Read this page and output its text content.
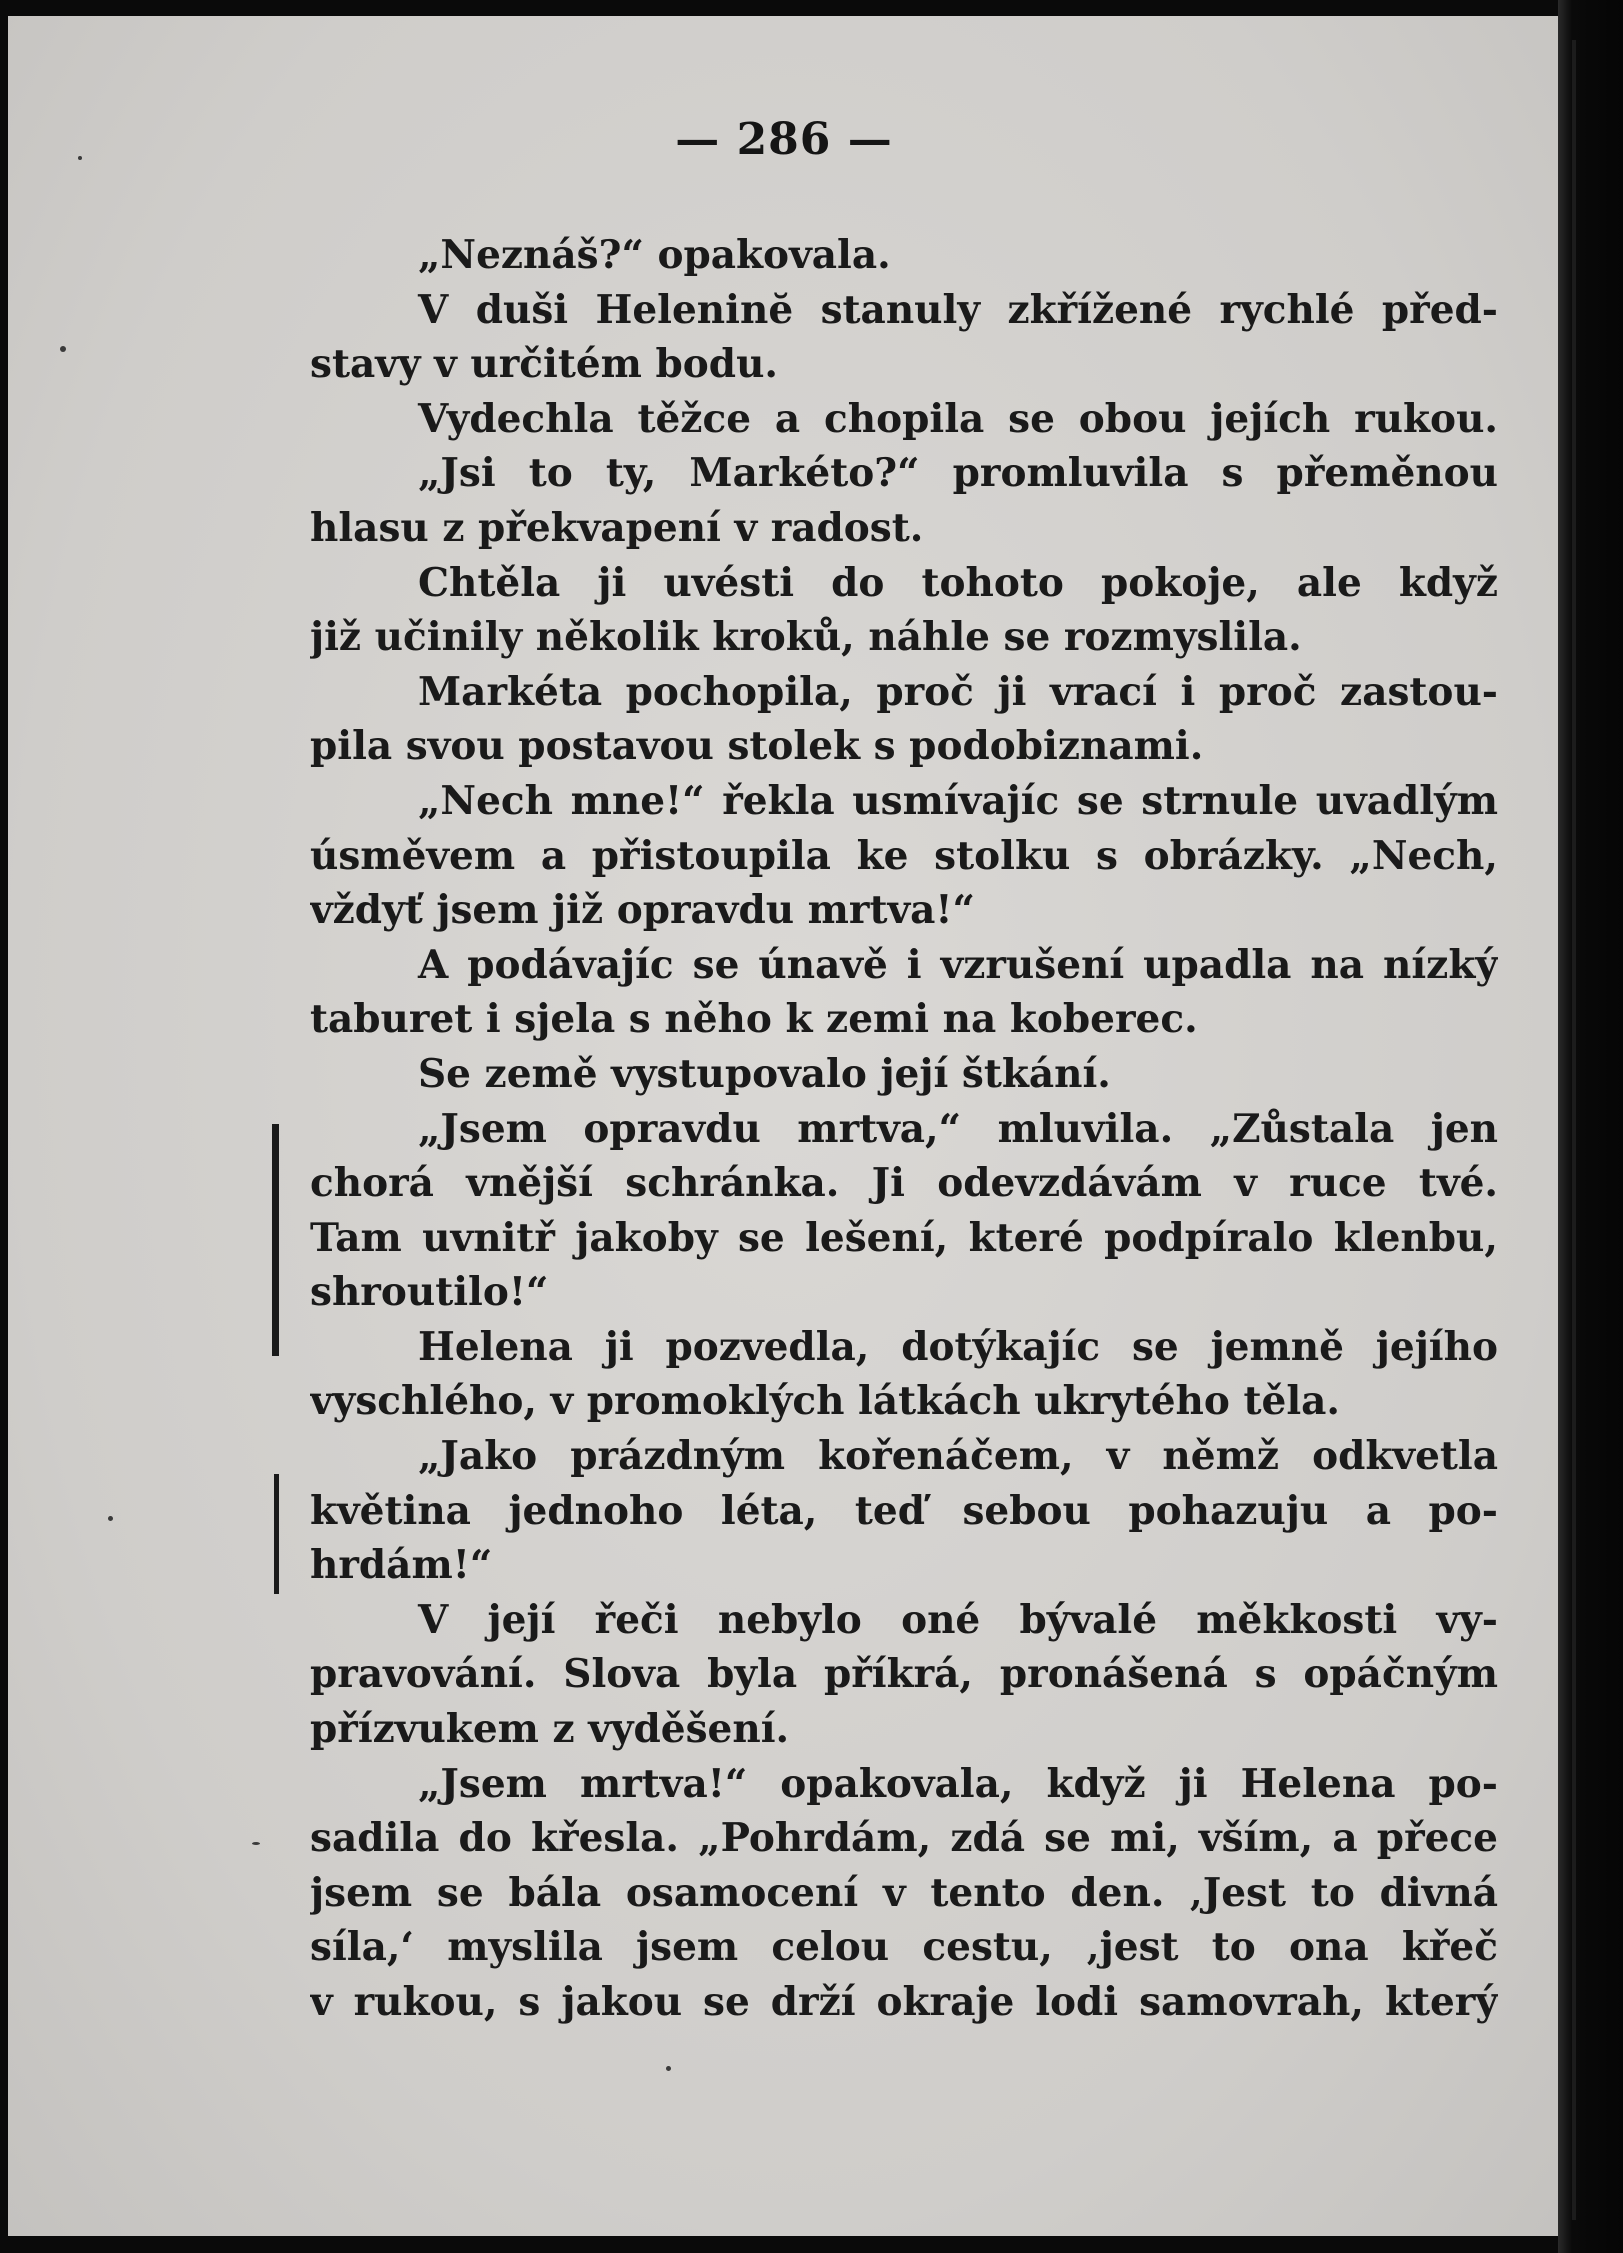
— 286 —
„Neznáš?“ opakovala.
V duši Heleninĕ stanuly zkřížené rychlé před-
stavy v určitém bodu.
Vydechla těžce a chopila se obou jejích rukou.
„Jsi to ty, Markéto?“ promluvila s přeměnou
hlasu z překvapení v radost.
Chtěla ji uvésti do tohoto pokoje, ale když
již učinily několik kroků, náhle se rozmyslila.
Markéta pochopila, proč ji vrací i proč zastou-
pila svou postavou stolek s podobiznami.
„Nech mne!“ řekla usmívajíc se strnule uvadlým
úsměvem a přistoupila ke stolku s obrázky. „Nech,
vždyť jsem již opravdu mrtva!“
A podávajíc se únavě i vzrušení upadla na nízký
taburet i sjela s něho k zemi na koberec.
Se země vystupovalo její štkání.
„Jsem opravdu mrtva,“ mluvila. „Zůstala jen
chorá vnější schránka. Ji odevzdávám v ruce tvé.
Tam uvnitř jakoby se lešení, které podpíralo klenbu,
shroutilo!“
Helena ji pozvedla, dotýkajíc se jemně jejího
vyschlého, v promoklých látkách ukrytého těla.
„Jako prázdným kořenáčem, v němž odkvetla
květina jednoho léta, teď sebou pohazuju a po-
hrdám!“
V její řeči nebylo oné bývalé měkkosti vy-
pravování. Slova byla příkrá, pronášená s opáčným
přízvukem z vyděšení.
„Jsem mrtva!“ opakovala, když ji Helena po-
sadila do křesla. „Pohrdám, zdá se mi, vším, a přece
jsem se bála osamocení v tento den. ‚Jest to divná
síla,‘ myslila jsem celou cestu, ‚jest to ona křeč
v rukou, s jakou se drží okraje lodi samovrah, který
